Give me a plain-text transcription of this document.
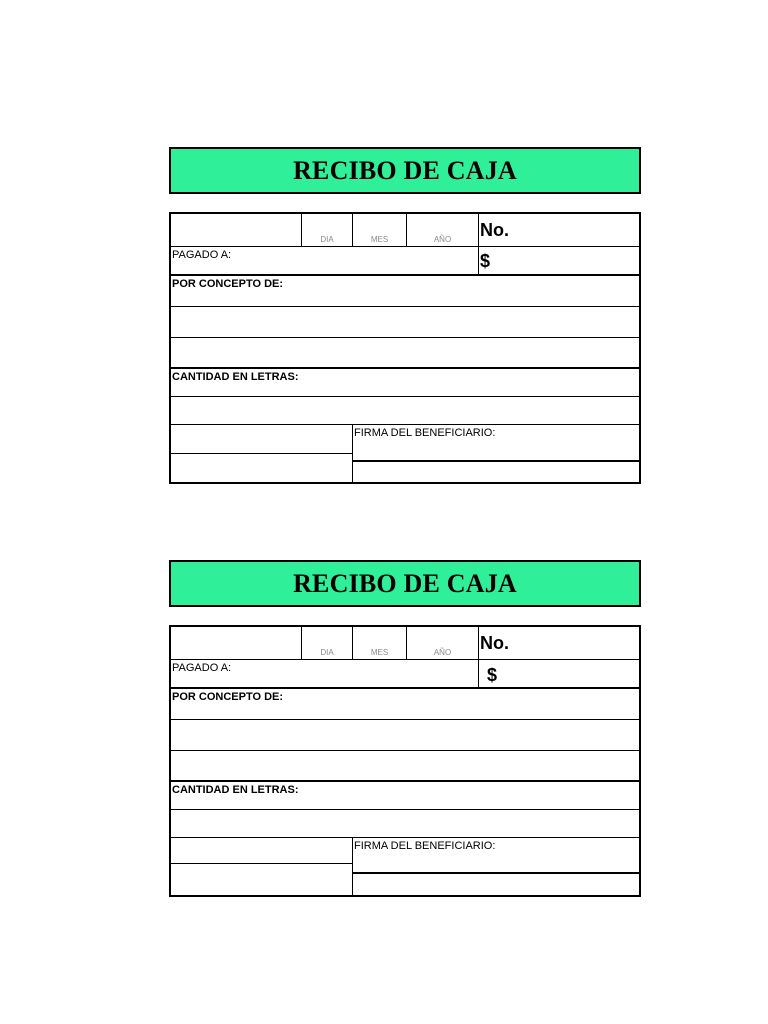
RECIBO DE CAJA
DIA	MES	AÑO	No.
PAGADO A:	$
POR CONCEPTO DE:
CANTIDAD EN LETRAS:
FIRMA DEL BENEFICIARIO:
RECIBO DE CAJA
DIA	MES	AÑO	No.
PAGADO A:	$
POR CONCEPTO DE:
CANTIDAD EN LETRAS:
FIRMA DEL BENEFICIARIO:
